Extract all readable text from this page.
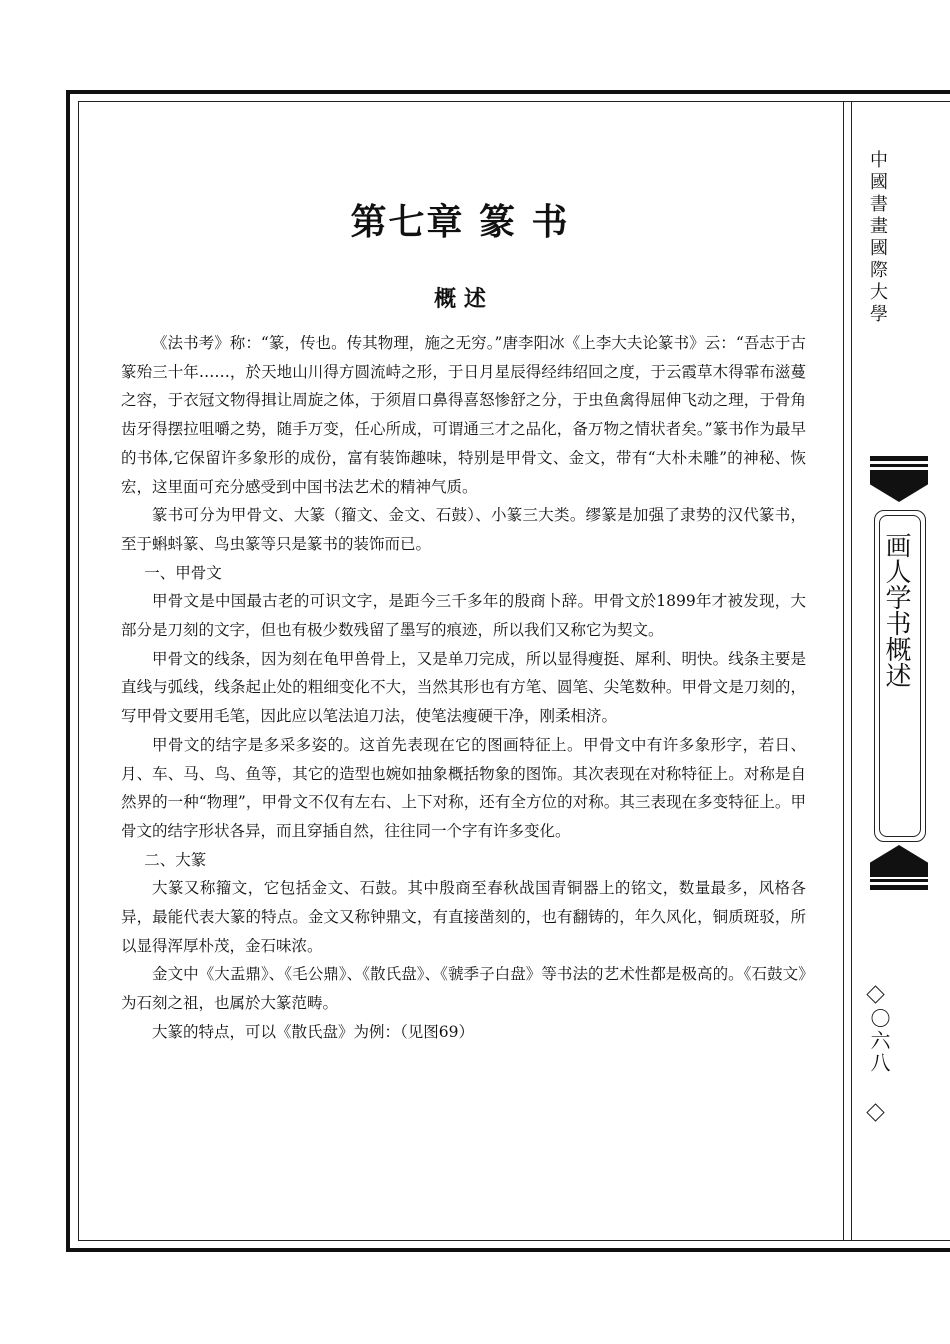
第七章 篆 书
概 述

《法书考》称：“篆，传也。传其物理，施之无穷。”唐李阳冰《上李大夫论篆书》云：“吾志于古篆殆三十年……，於天地山川得方圆流峙之形，于日月星辰得经纬绍回之度，于云霞草木得霏布滋蔓之容，于衣冠文物得揖让周旋之体，于须眉口鼻得喜怒惨舒之分，于虫鱼禽得屈伸飞动之理，于骨角齿牙得摆拉咀嚼之势，随手万变，任心所成，可谓通三才之品化，备万物之情状者矣。”篆书作为最早的书体,它保留许多象形的成份，富有装饰趣味，特别是甲骨文、金文，带有“大朴未雕”的神秘、恢宏，这里面可充分感受到中国书法艺术的精神气质。

篆书可分为甲骨文、大篆（籀文、金文、石鼓）、小篆三大类。缪篆是加强了隶势的汉代篆书，至于蝌蚪篆、鸟虫篆等只是篆书的装饰而已。

一、甲骨文

甲骨文是中国最古老的可识文字，是距今三千多年的殷商卜辞。甲骨文於1899年才被发现，大部分是刀刻的文字，但也有极少数残留了墨写的痕迹，所以我们又称它为契文。

甲骨文的线条，因为刻在龟甲兽骨上，又是单刀完成，所以显得瘦挺、犀利、明快。线条主要是直线与弧线，线条起止处的粗细变化不大，当然其形也有方笔、圆笔、尖笔数种。甲骨文是刀刻的，写甲骨文要用毛笔，因此应以笔法追刀法，使笔法瘦硬干净，刚柔相济。

甲骨文的结字是多采多姿的。这首先表现在它的图画特征上。甲骨文中有许多象形字，若日、月、车、马、鸟、鱼等，其它的造型也婉如抽象概括物象的图饰。其次表现在对称特征上。对称是自然界的一种“物理”，甲骨文不仅有左右、上下对称，还有全方位的对称。其三表现在多变特征上。甲骨文的结字形状各异，而且穿插自然，往往同一个字有许多变化。

二、大篆

大篆又称籀文，它包括金文、石鼓。其中殷商至春秋战国青铜器上的铭文，数量最多，风格各异，最能代表大篆的特点。金文又称钟鼎文，有直接凿刻的，也有翻铸的，年久风化，铜质斑驳，所以显得浑厚朴茂，金石味浓。

金文中《大盂鼎》、《毛公鼎》、《散氏盘》、《虢季子白盘》等书法的艺术性都是极高的。《石鼓文》为石刻之祖，也属於大篆范畴。

大篆的特点，可以《散氏盘》为例：（见图69）

中國書畫國際大學
画人学书概述
〇六八
